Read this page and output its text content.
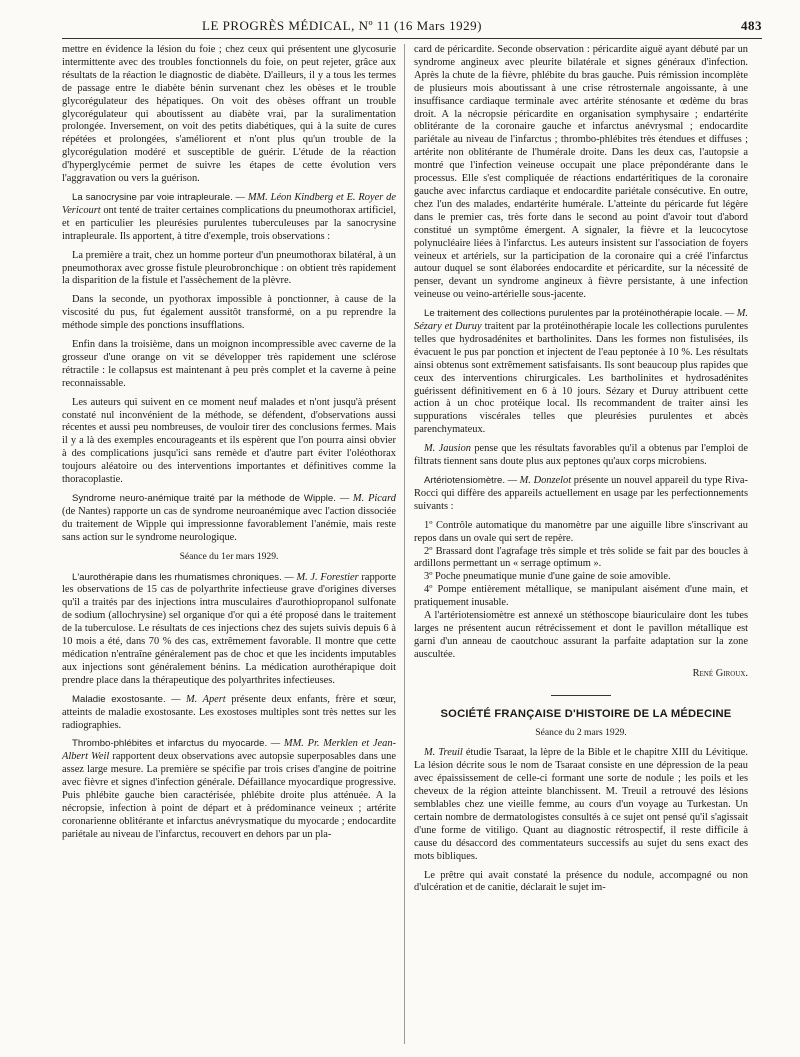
LE PROGRÈS MÉDICAL, Nº 11 (16 Mars 1929)	483

mettre en évidence la lésion du foie ; chez ceux qui présentent une glycosurie intermittente avec des troubles fonctionnels du foie, on peut rejeter, grâce aux résultats de la réaction le diagnostic de diabète. D'ailleurs, il y a tous les termes de passage entre le diabète bénin survenant chez les obèses et le trouble glycorégulateur des hépatiques. On voit des obèses offrant un trouble glycorégulateur qui aboutissent au diabète vrai, par la suralimentation prolongée. Inversement, on voit des petits diabétiques, qui à la suite de cures répétées et prolongées, s'améliorent et n'ont plus qu'un trouble de la glycorégulation modéré et susceptible de guérir. L'étude de la réaction d'hyperglycémie permet de suivre les étapes de cette évolution vers l'aggravation ou vers la guérison.

La sanocrysine par voie intrapleurale. — MM. Léon Kindberg et E. Royer de Vericourt ont tenté de traiter certaines complications du pneumothorax artificiel, et en particulier les pleurésies purulentes tuberculeuses par la sanocrysine intrapleurale. Ils apportent, à titre d'exemple, trois observations :

La première a trait, chez un homme porteur d'un pneumothorax bilatéral, à un pneumothorax avec grosse fistule pleurobronchique : on obtient très rapidement la disparition de la fistule et l'assèchement de la plèvre.

Dans la seconde, un pyothorax impossible à ponctionner, à cause de la viscosité du pus, fut également aussitôt transformé, on a pu reprendre la méthode simple des ponctions insufflations.

Enfin dans la troisième, dans un moignon incompressible avec caverne de la grosseur d'une orange on vit se développer très rapidement une sclérose rétractile : le collapsus est maintenant à peu près complet et la caverne à peine reconnaissable.

Les auteurs qui suivent en ce moment neuf malades et n'ont jusqu'à présent constaté nul inconvénient de la méthode, se défendent, d'observations aussi récentes et aussi peu nombreuses, de vouloir tirer des conclusions fermes. Mais il y a là des exemples encourageants et ils espèrent que l'on pourra ainsi obvier à des complications jusqu'ici sans remède et d'autre part éviter l'oléothorax toujours aléatoire ou des interventions importantes et définitives comme la thoracoplastie.

Syndrome neuro-anémique traité par la méthode de Wipple. — M. Picard (de Nantes) rapporte un cas de syndrome neuroanémique avec l'action dissociée du traitement de Wipple qui impressionne favorablement l'anémie, mais reste sans action sur le syndrome neurologique.

Séance du 1er mars 1929.

L'aurothérapie dans les rhumatismes chroniques. — M. J. Forestier rapporte les observations de 15 cas de polyarthrite infectieuse grave d'origines diverses qu'il a traités par des injections intra musculaires d'aurothiopropanol sulfonate de sodium (allochrysine) sel organique d'or qui a été proposé dans le traitement de la tuberculose. Le résultats de ces injections chez des sujets suivis depuis 6 à 10 mois a été, dans 70 % des cas, extrêmement favorable. Il montre que cette médication n'entraîne généralement pas de choc et que les incidents imputables aux injections sont généralement bénins. La médication aurothérapique doit prendre place dans la thérapeutique des polyarthrites infectieuses.

Maladie exostosante. — M. Apert présente deux enfants, frère et sœur, atteints de maladie exostosante. Les exostoses multiples sont très nettes sur les radiographies.

Thrombo-phlébites et infarctus du myocarde. — MM. Pr. Merklen et Jean-Albert Weil rapportent deux observations avec autopsie superposables dans une assez large mesure. La première se spécifie par trois crises d'angine de poitrine avec fièvre et signes d'infection générale. Défaillance myocardique progressive. Puis phlébite gauche bien caractérisée, phlébite droite plus atténuée. A la nécropsie, infection à point de départ et à prédominance veineux ; artérite coronarienne oblitérante et infarctus anévrysmatique du myocarde ; endocardite pariétale au niveau de l'infarctus, recouvert en dehors par un pla-

card de péricardite. Seconde observation : péricardite aiguë ayant débuté par un syndrome angineux avec pleurite bilatérale et signes généraux d'infection. Après la chute de la fièvre, phlébite du bras gauche. Puis rémission incomplète de plusieurs mois aboutissant à une crise rétrosternale angoissante, à une insuffisance cardiaque terminale avec artérite sténosante et œdème du bras droit. A la nécropsie péricardite en organisation symphysaire ; endartérite oblitérante de la coronaire gauche et infarctus anévrysmal ; endocardite pariétale au niveau de l'infarctus ; thrombo-phlébites très étendues et diffuses ; artérite non oblitérante de l'humérale droite. Dans les deux cas, l'autopsie a montré que l'infection veineuse occupait une place prépondérante dans le processus. Elle s'est compliquée de réactions endartéritiques de la coronaire gauche avec infarctus cardiaque et endocardite pariétale consécutive. En outre, chez l'un des malades, endartérite humérale. L'atteinte du péricarde fut légère dans le premier cas, très forte dans le second au point d'avoir tout d'abord constitué un symptôme émergent. A signaler, la fièvre et la leucocytose polynucléaire liées à l'infarctus. Les auteurs insistent sur l'association de foyers veineux et artériels, sur la participation de la coronaire qui a créé l'infarctus autour duquel se sont élaborées endocardite et péricardite, sur la nécessité de penser, devant un syndrome angineux à fièvre persistante, à une infection veineuse ou veino-artérielle sous-jacente.

Le traitement des collections purulentes par la protéinothérapie locale. — M. Sézary et Duruy traitent par la protéinothérapie locale les collections purulentes telles que hydrosadénites et bartholinites. Dans les formes non fistulisées, ils évacuent le pus par ponction et injectent de l'eau peptonée à 10 %. Les résultats ainsi obtenus sont extrêmement satisfaisants. Ils sont beaucoup plus rapides que ceux des interventions chirurgicales. Les bartholinites et hydrosadénites guérissent définitivement en 6 à 10 jours. Sézary et Duruy attribuent cette action à un choc protéique local. Ils recommandent de traiter ainsi les suppurations viscérales telles que pleurésies purulentes et abcès parenchymateux.

M. Jausion pense que les résultats favorables qu'il a obtenus par l'emploi de filtrats tiennent sans doute plus aux peptones qu'aux corps microbiens.

Artériotensiomètre. — M. Donzelot présente un nouvel appareil du type Riva-Rocci qui diffère des appareils actuellement en usage par les perfectionnements suivants :

1º Contrôle automatique du manomètre par une aiguille libre s'inscrivant au repos dans un ovale qui sert de repère.

2º Brassard dont l'agrafage très simple et très solide se fait par des boucles à ardillons permettant un « serrage optimum ».

3º Poche pneumatique munie d'une gaine de soie amovible.

4º Pompe entièrement métallique, se manipulant aisément d'une main, et pratiquement inusable.

A l'artériotensiomètre est annexé un stéthoscope biauriculaire dont les tubes larges ne présentent aucun rétrécissement et dont le pavillon métallique est garni d'un anneau de caoutchouc assurant la parfaite adaptation sur la zone auscultée.

René Giroux.

SOCIÉTÉ FRANÇAISE D'HISTOIRE DE LA MÉDECINE

Séance du 2 mars 1929.

M. Treuil étudie Tsaraat, la lèpre de la Bible et le chapitre XIII du Lévitique. La lésion décrite sous le nom de Tsaraat consiste en une dépression de la peau avec épaississement de celle-ci formant une sorte de nodule ; les poils et les cheveux de la région atteinte blanchissent. M. Treuil a retrouvé des lésions semblables chez une vieille femme, au cours d'un voyage au Turkestan. Un certain nombre de dermatologistes consultés à ce sujet ont pensé qu'il s'agissait d'une forme de vitiligo. Quant au diagnostic rétrospectif, il reste difficile à cause du désaccord des commentateurs successifs au sujet du sens exact des mots bibliques.

Le prêtre qui avait constaté la présence du nodule, accompagné ou non d'ulcération et de canitie, déclarait le sujet im-
